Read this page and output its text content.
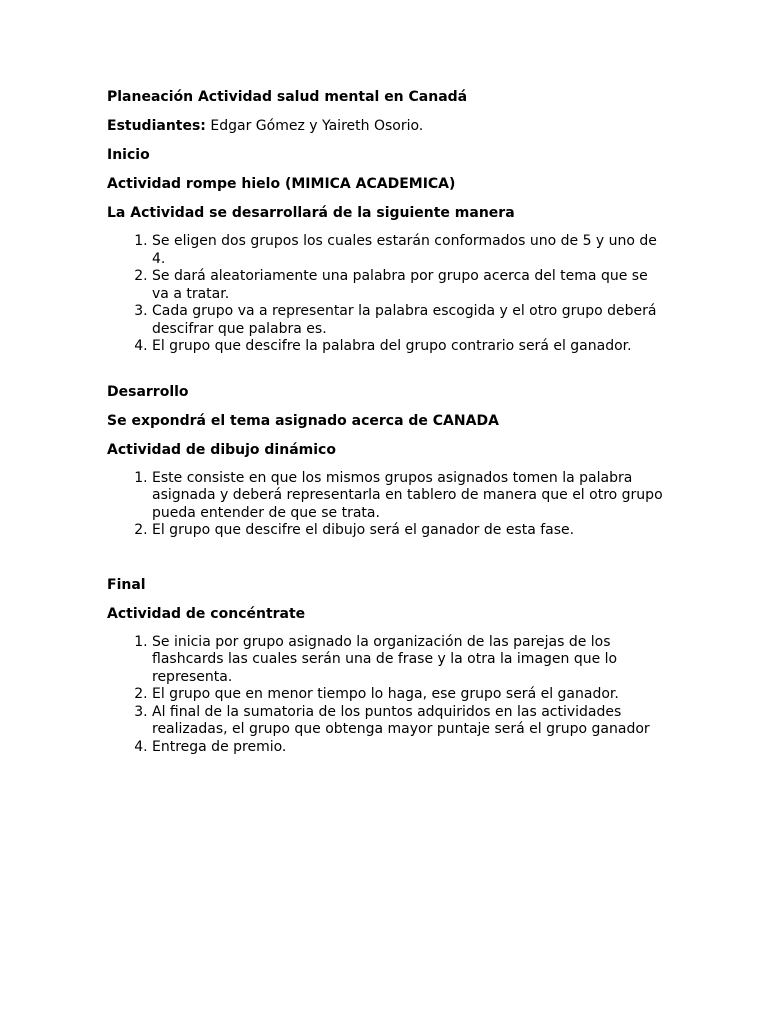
Planeación Actividad salud mental en Canadá
Estudiantes: Edgar Gómez y Yaireth Osorio.
Inicio
Actividad rompe hielo (MIMICA ACADEMICA)
La Actividad se desarrollará de la siguiente manera
1. Se eligen dos grupos los cuales estarán conformados uno de 5 y uno de 4.
2. Se dará aleatoriamente una palabra por grupo acerca del tema que se va a tratar.
3. Cada grupo va a representar la palabra escogida y el otro grupo deberá descifrar que palabra es.
4. El grupo que descifre la palabra del grupo contrario será el ganador.
Desarrollo
Se expondrá el tema asignado acerca de CANADA
Actividad de dibujo dinámico
1. Este consiste en que los mismos grupos asignados tomen la palabra asignada y deberá representarla en tablero de manera que el otro grupo pueda entender de que se trata.
2. El grupo que descifre el dibujo será el ganador de esta fase.
Final
Actividad de concéntrate
1. Se inicia por grupo asignado la organización de las parejas de los flashcards las cuales serán una de frase y la otra la imagen que lo representa.
2. El grupo que en menor tiempo lo haga, ese grupo será el ganador.
3. Al final de la sumatoria de los puntos adquiridos en las actividades realizadas, el grupo que obtenga mayor puntaje será el grupo ganador
4. Entrega de premio.
